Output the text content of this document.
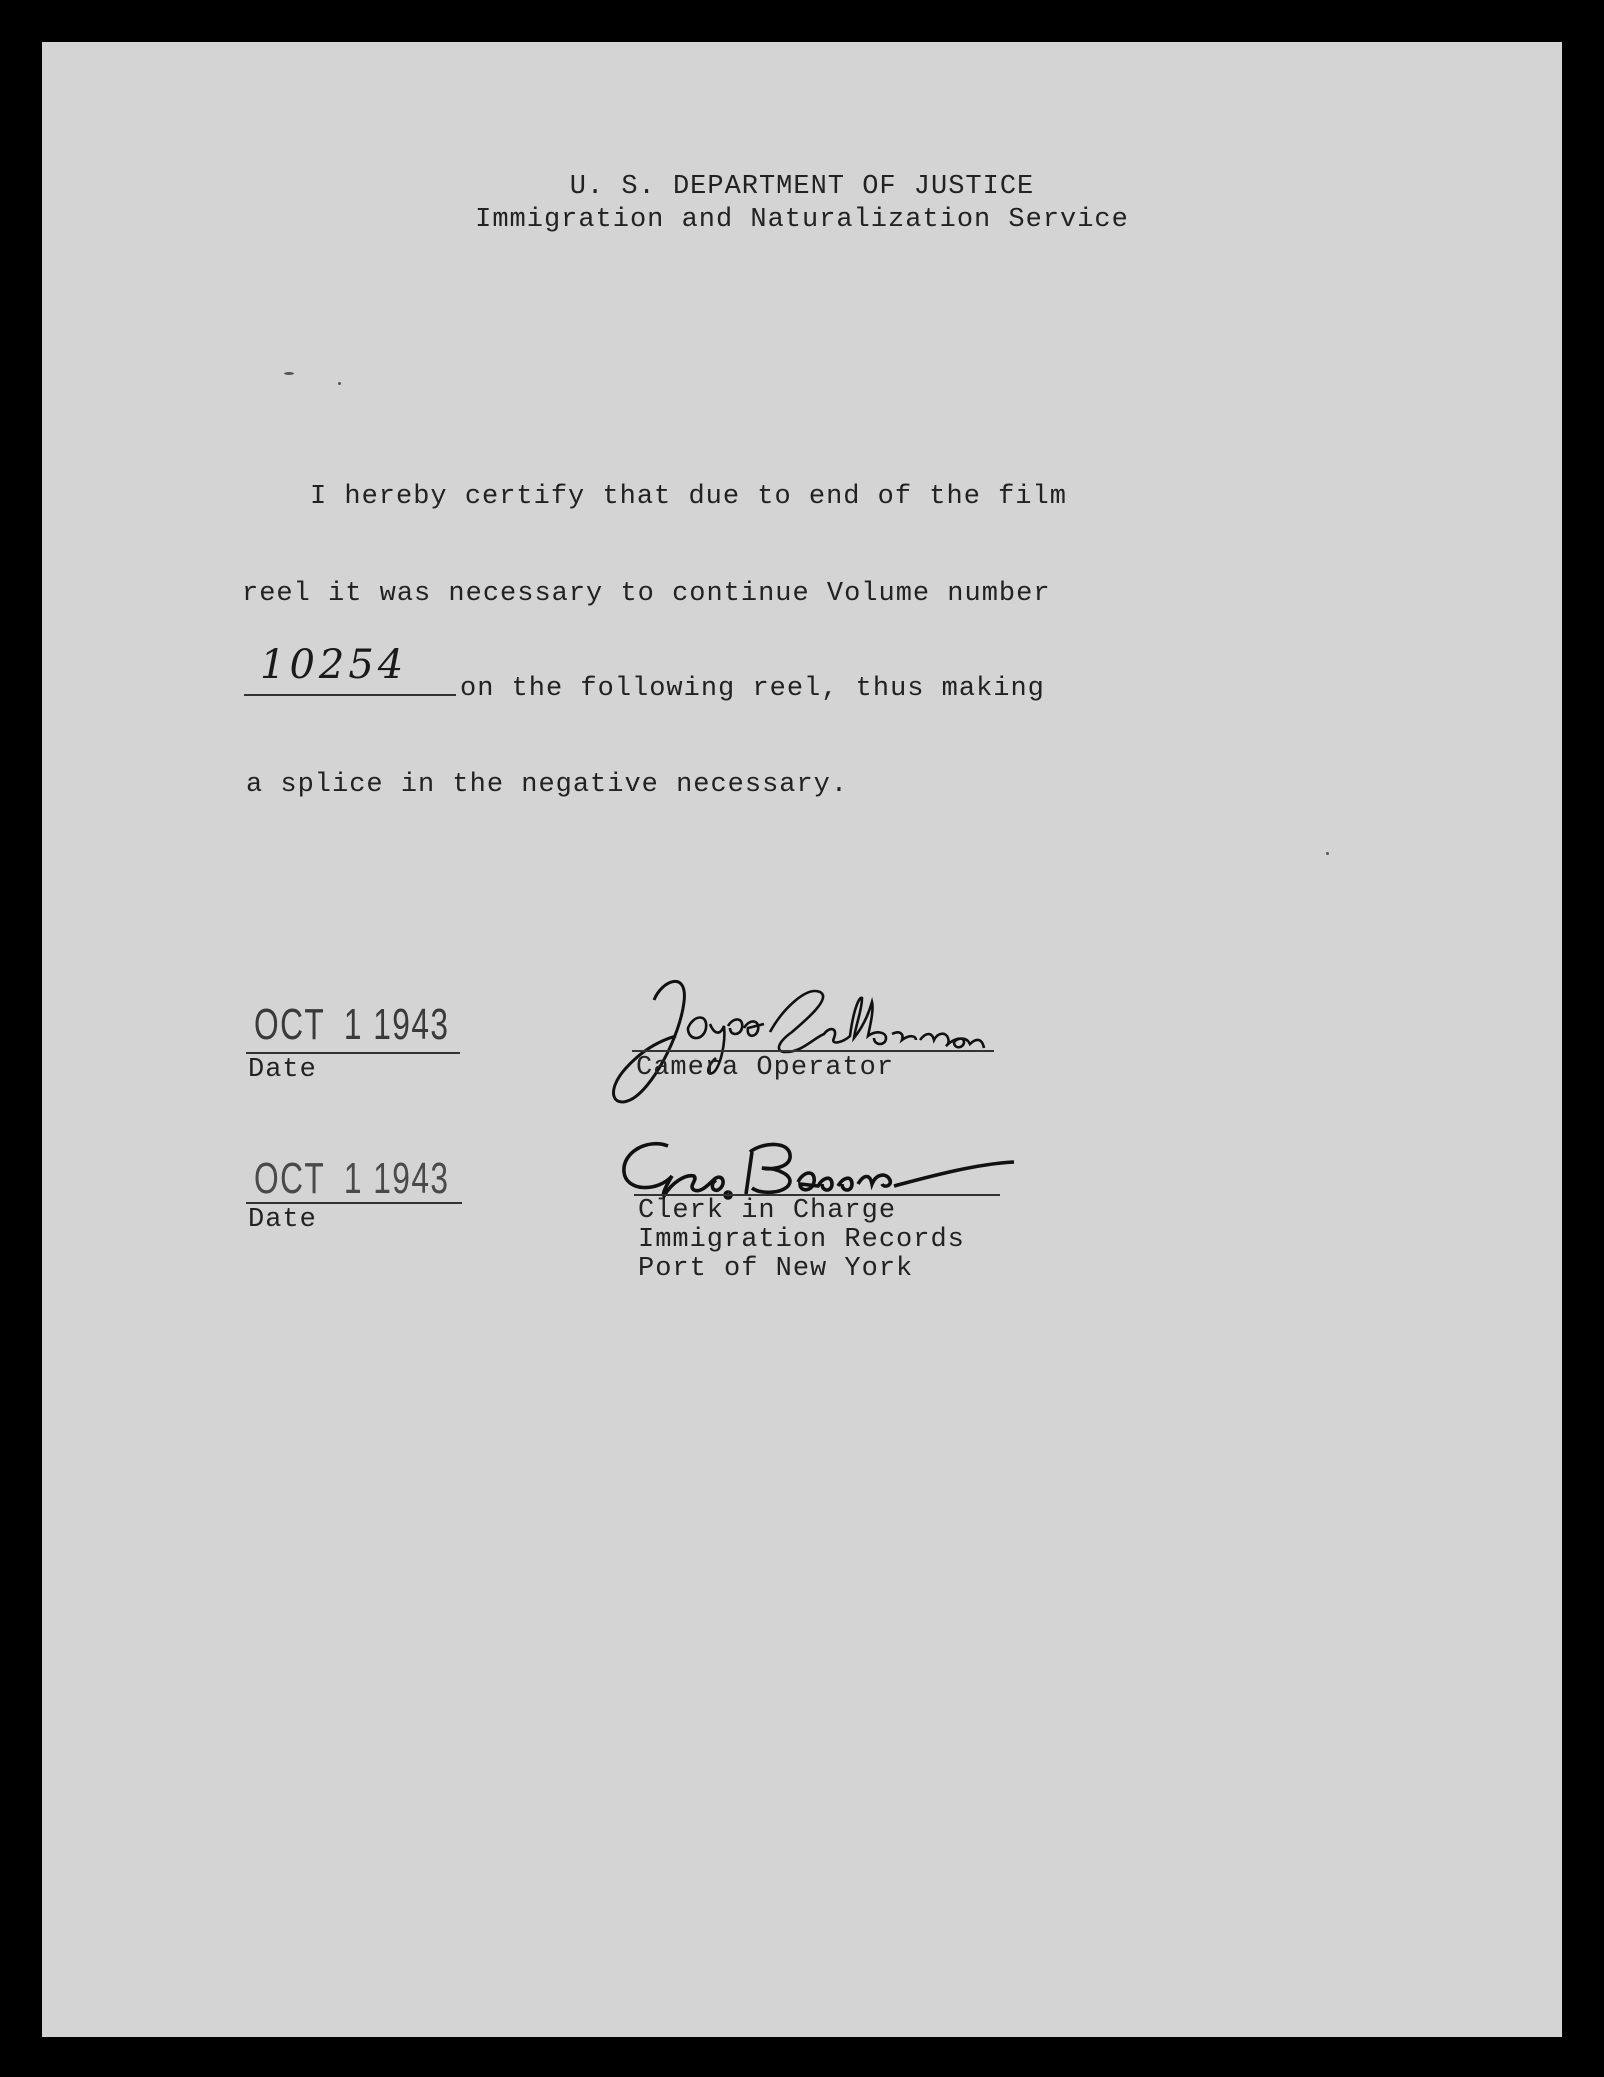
U. S. DEPARTMENT OF JUSTICE
Immigration and Naturalization Service
I hereby certify that due to end of the film
reel it was necessary to continue Volume number
10254
on the following reel, thus making
a splice in the negative necessary.
OCT 1 1943
Date	Camera Operator
OCT 1 1943
Date	Clerk in Charge
Immigration Records
Port of New York
